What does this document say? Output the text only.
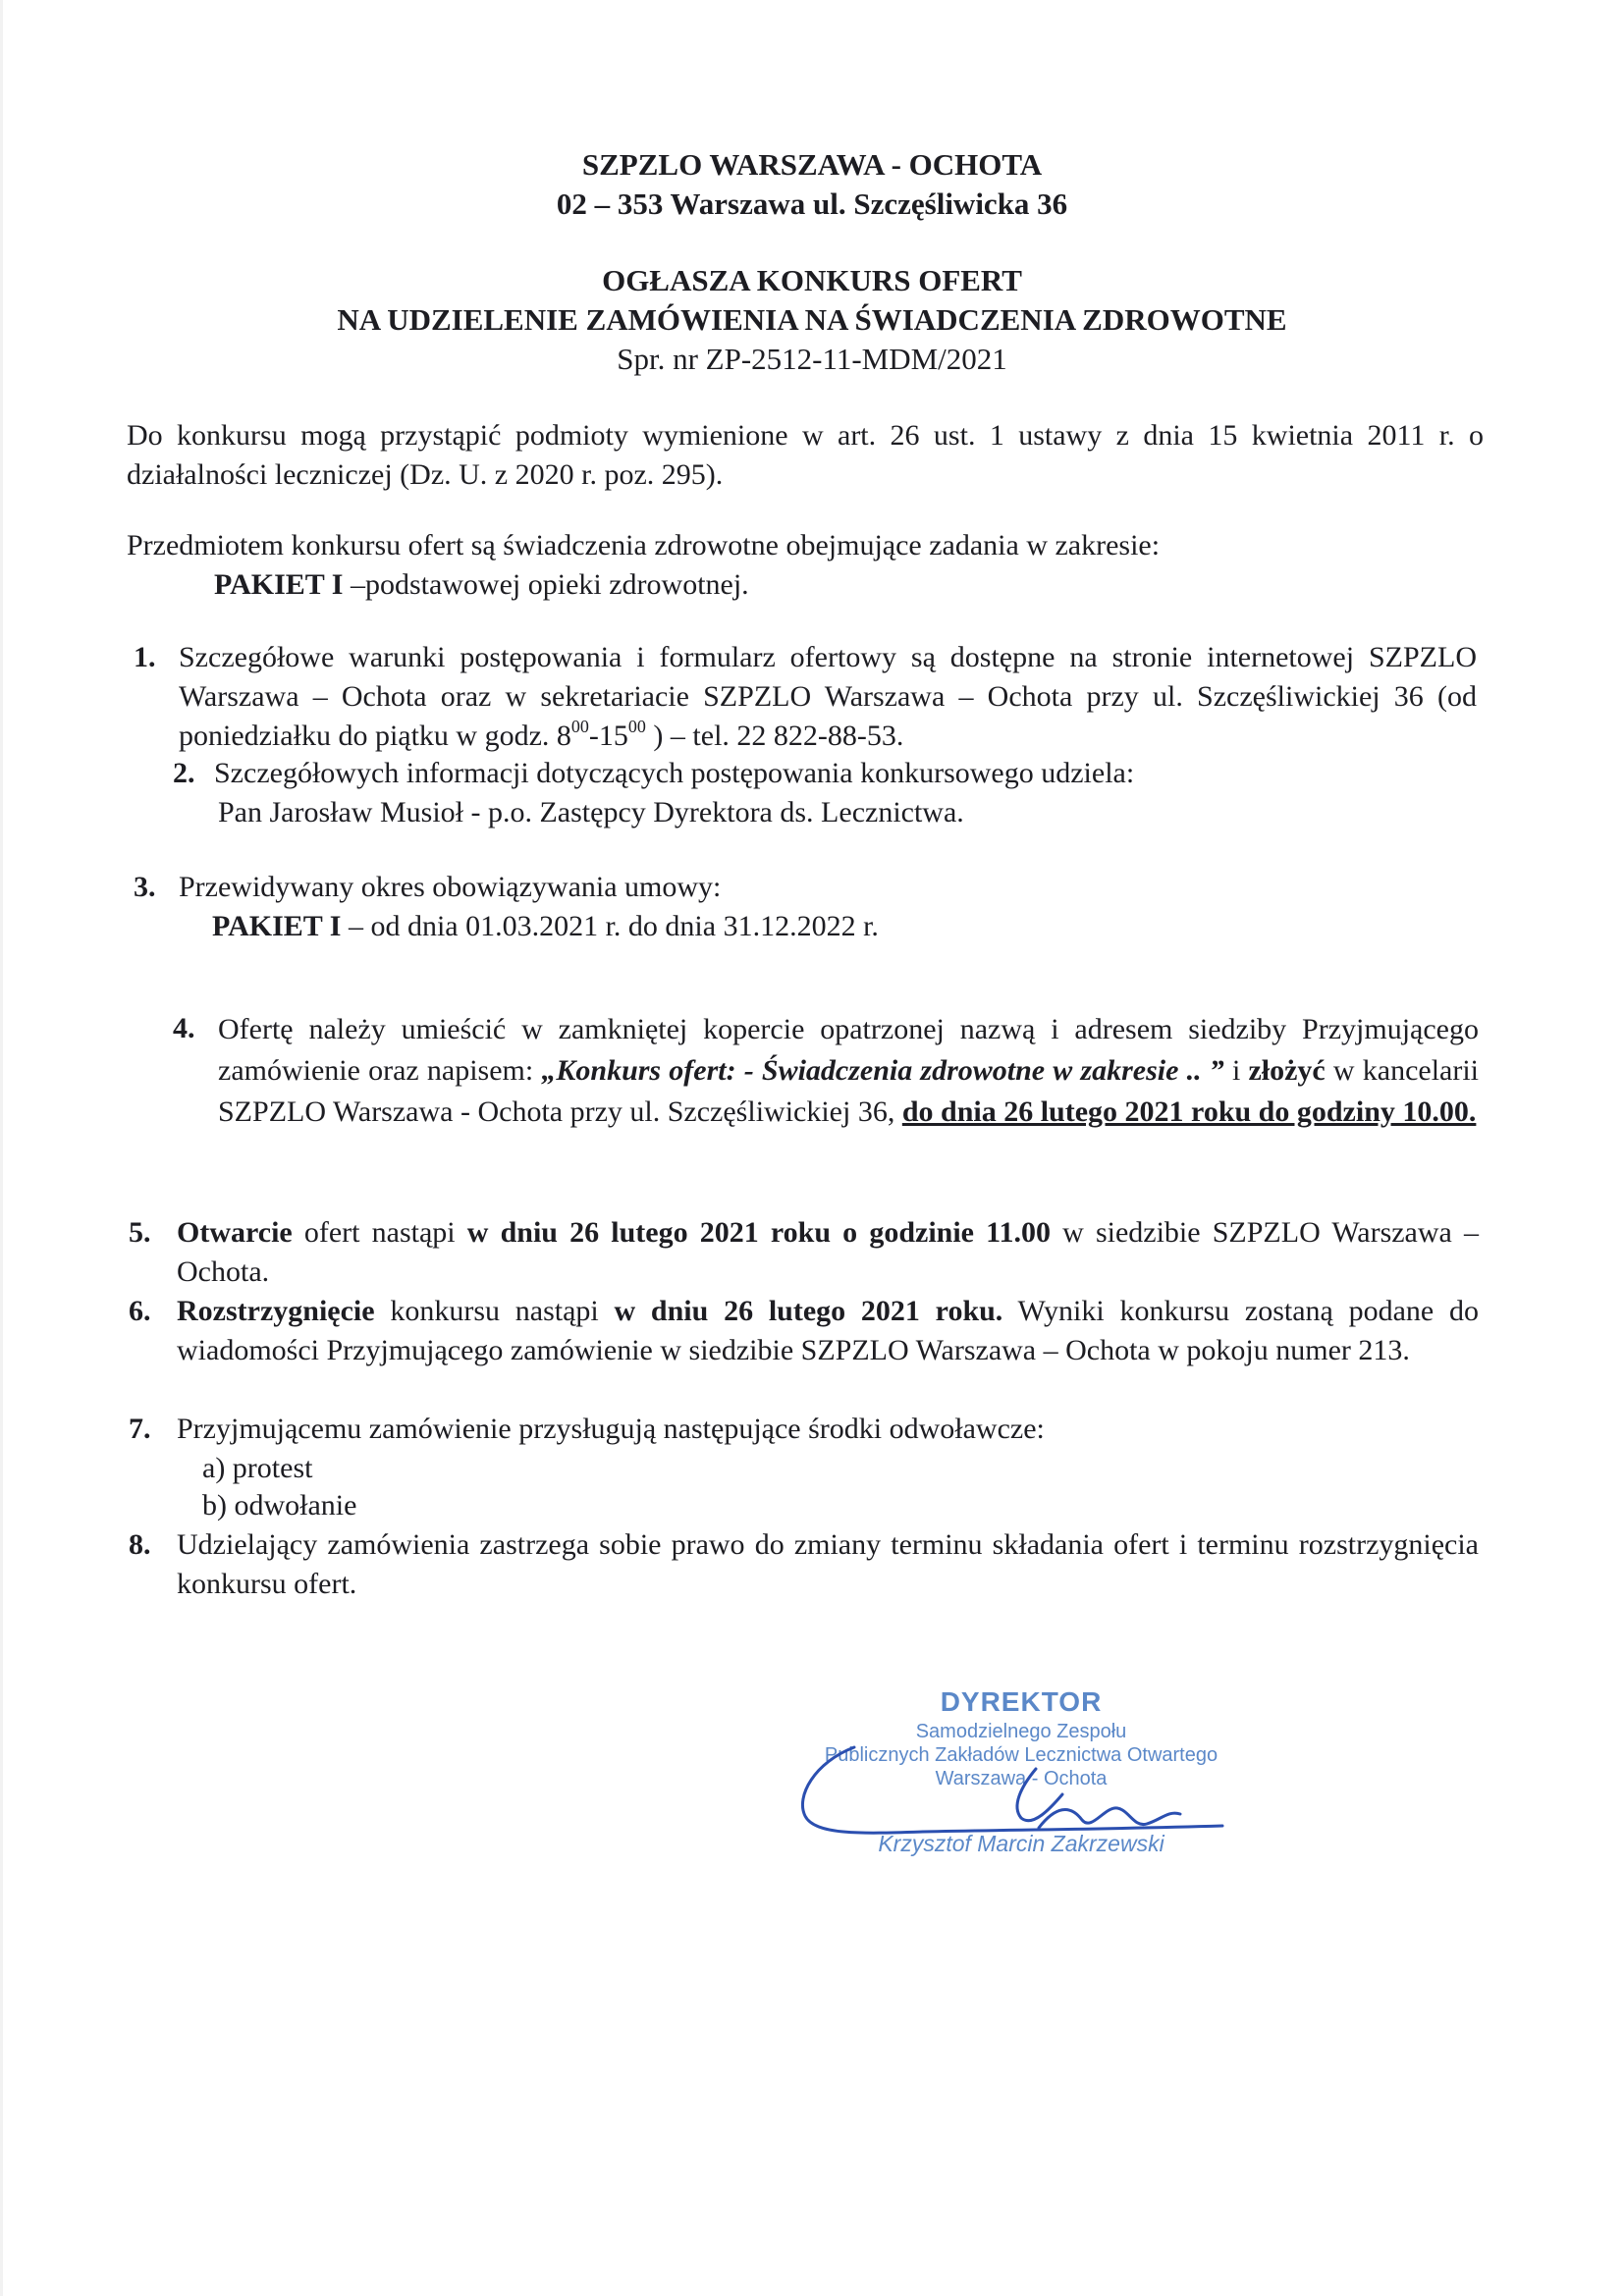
SZPZLO WARSZAWA - OCHOTA
02 – 353 Warszawa ul. Szczęśliwicka 36
OGŁASZA KONKURS OFERT
NA UDZIELENIE ZAMÓWIENIA NA ŚWIADCZENIA ZDROWOTNE
Spr. nr ZP-2512-11-MDM/2021
Do konkursu mogą przystąpić podmioty wymienione w art. 26 ust. 1 ustawy z dnia 15 kwietnia 2011 r. o działalności leczniczej (Dz. U. z 2020 r. poz. 295).
Przedmiotem konkursu ofert są świadczenia zdrowotne obejmujące zadania w zakresie:
PAKIET I –podstawowej opieki zdrowotnej.
1. Szczegółowe warunki postępowania i formularz ofertowy są dostępne na stronie internetowej SZPZLO Warszawa – Ochota oraz w sekretariacie SZPZLO Warszawa – Ochota przy ul. Szczęśliwickiej 36 (od poniedziałku do piątku w godz. $8^{00}-15^{00}$ ) – tel. 22 822-88-53.
2. Szczegółowych informacji dotyczących postępowania konkursowego udziela:
Pan Jarosław Musioł - p.o. Zastępcy Dyrektora ds. Lecznictwa.
3. Przewidywany okres obowiązywania umowy:
PAKIET I – od dnia 01.03.2021 r. do dnia 31.12.2022 r.
4. Ofertę należy umieścić w zamkniętej kopercie opatrzonej nazwą i adresem siedziby Przyjmującego zamówienie oraz napisem: „Konkurs ofert: - Świadczenia zdrowotne w zakresie .. ” i złożyć w kancelarii SZPZLO Warszawa - Ochota przy ul. Szczęśliwickiej 36, do dnia 26 lutego 2021 roku do godziny 10.00.
5. Otwarcie ofert nastąpi w dniu 26 lutego 2021 roku o godzinie 11.00 w siedzibie SZPZLO Warszawa – Ochota.
6. Rozstrzygnięcie konkursu nastąpi w dniu 26 lutego 2021 roku. Wyniki konkursu zostaną podane do wiadomości Przyjmującego zamówienie w siedzibie SZPZLO Warszawa – Ochota w pokoju numer 213.
7. Przyjmującemu zamówienie przysługują następujące środki odwoławcze:
a) protest
b) odwołanie
8. Udzielający zamówienia zastrzega sobie prawo do zmiany terminu składania ofert i terminu rozstrzygnięcia konkursu ofert.
DYREKTOR
Samodzielnego Zespołu
Publicznych Zakładów Lecznictwa Otwartego
Warszawa - Ochota
Krzysztof Marcin Zakrzewski
